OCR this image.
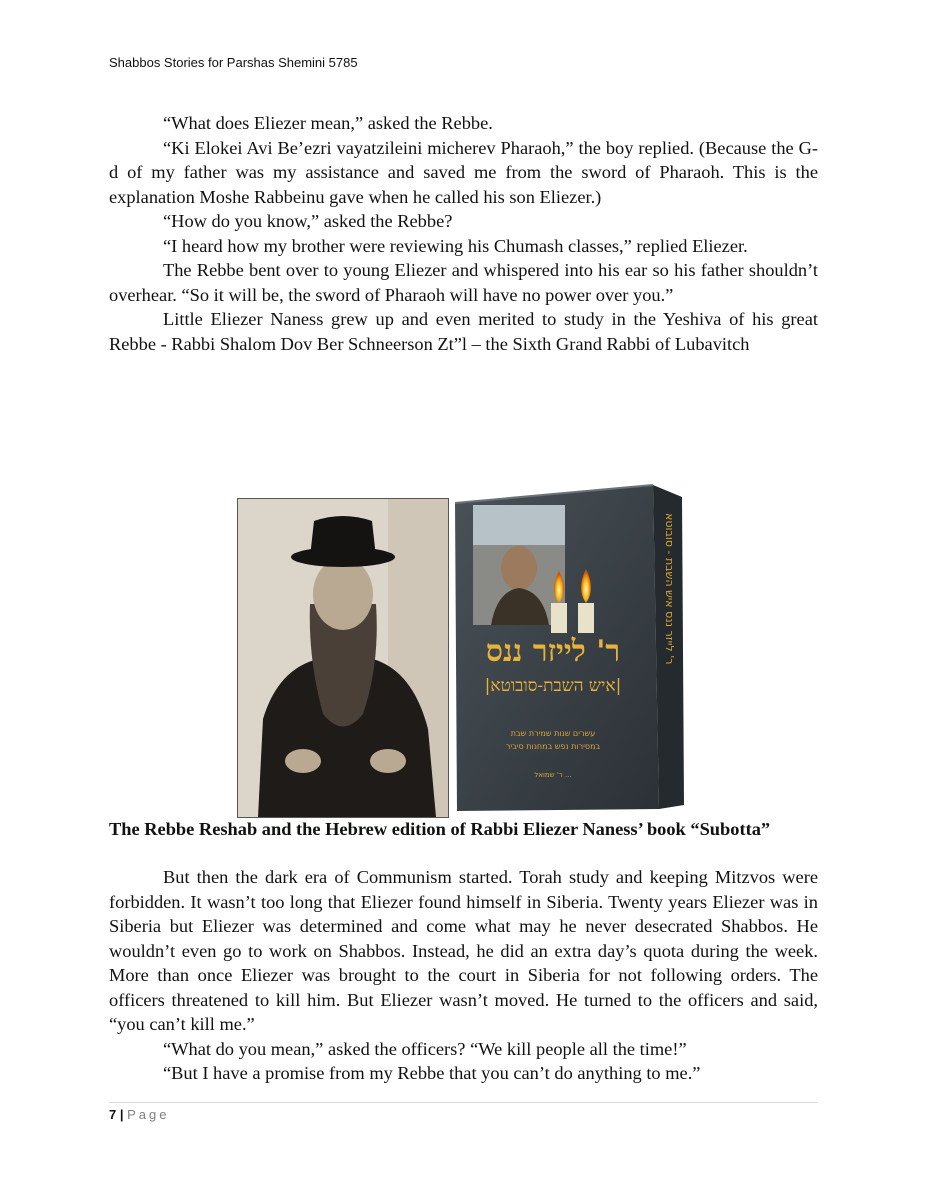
Shabbos Stories for Parshas Shemini 5785

“What does Eliezer mean,” asked the Rebbe.

“Ki Elokei Avi Be’ezri vayatzileini micherev Pharaoh,” the boy replied. (Because the G-d of my father was my assistance and saved me from the sword of Pharaoh. This is the explanation Moshe Rabbeinu gave when he called his son Eliezer.)

“How do you know,” asked the Rebbe?

“I heard how my brother were reviewing his Chumash classes,” replied Eliezer.

The Rebbe bent over to young Eliezer and whispered into his ear so his father shouldn’t overhear. “So it will be, the sword of Pharaoh will have no power over you.”

Little Eliezer Naness grew up and even merited to study in the Yeshiva of his great Rebbe - Rabbi Shalom Dov Ber Schneerson Zt”l – the Sixth Grand Rabbi of Lubavitch

ר' לייזר ננס
|איש השבת-סובוטא|
עשרים שנות שמירת שבת
במסירות נפש במחנות סיביר
ר' שמואל ...
ר' לייזר ננס איש השבת - סובוטא
The Rebbe Reshab and the Hebrew edition of Rabbi Eliezer Naness’ book “Subotta”

But then the dark era of Communism started. Torah study and keeping Mitzvos were forbidden. It wasn’t too long that Eliezer found himself in Siberia. Twenty years Eliezer was in Siberia but Eliezer was determined and come what may he never desecrated Shabbos. He wouldn’t even go to work on Shabbos. Instead, he did an extra day’s quota during the week. More than once Eliezer was brought to the court in Siberia for not following orders. The officers threatened to kill him. But Eliezer wasn’t moved. He turned to the officers and said, “you can’t kill me.”

“What do you mean,” asked the officers? “We kill people all the time!”

“But I have a promise from my Rebbe that you can’t do anything to me.”

7 | Page
